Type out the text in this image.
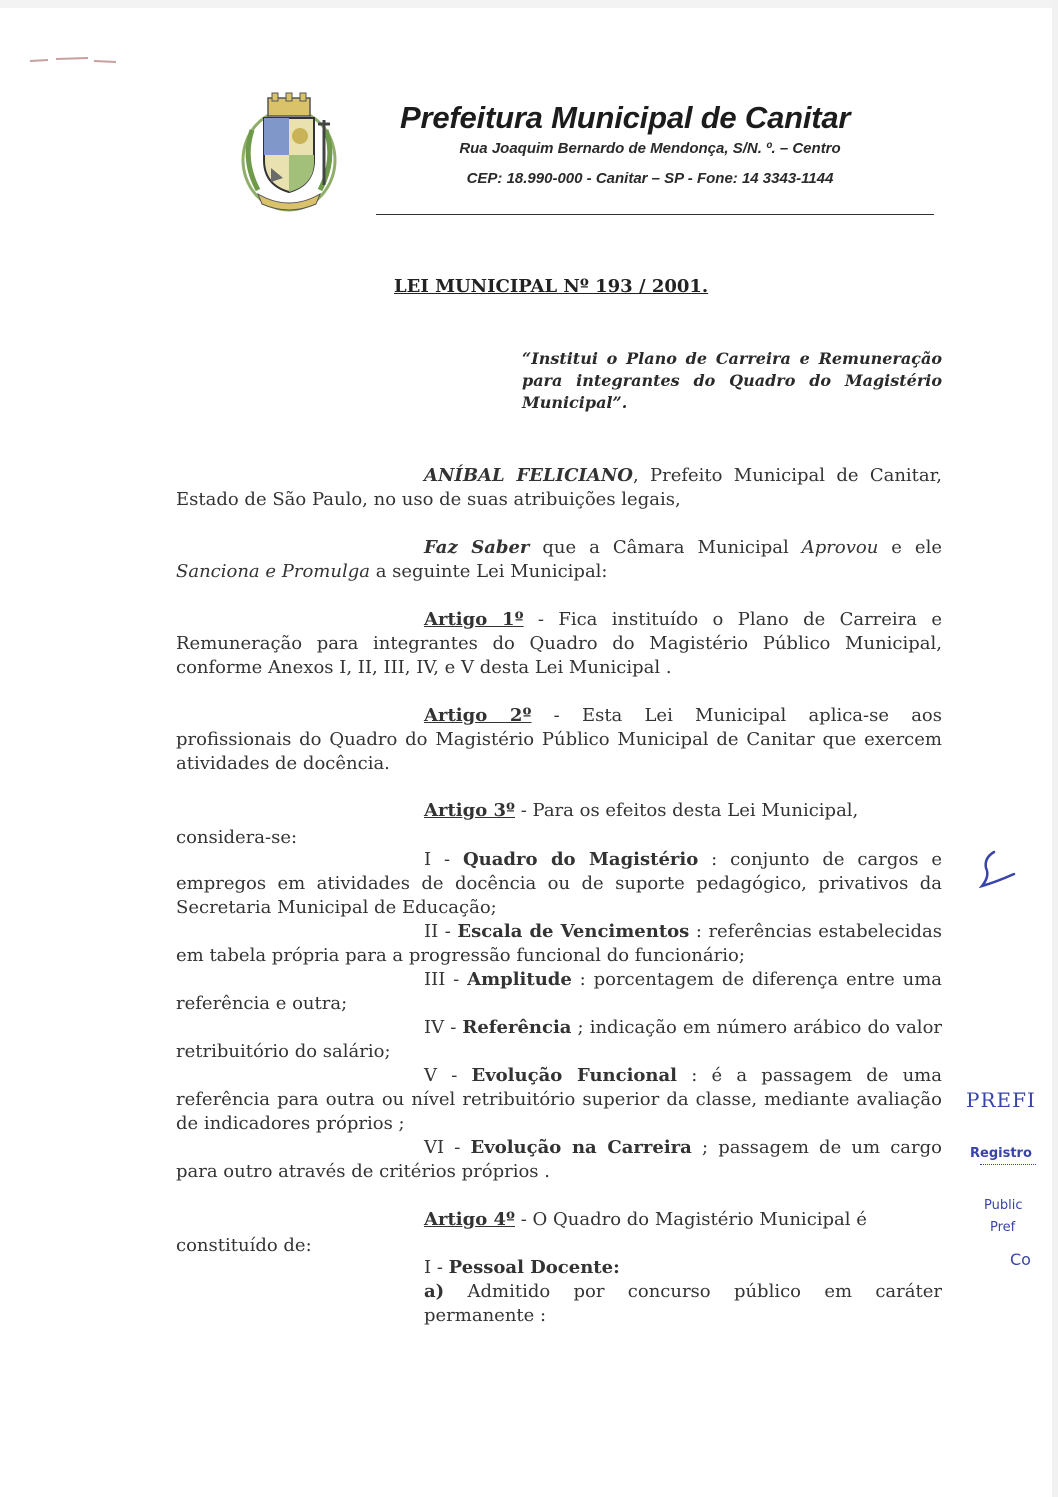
Prefeitura Municipal de Canitar
Rua Joaquim Bernardo de Mendonça, S/N. º. – Centro
CEP: 18.990-000 - Canitar – SP - Fone: 14 3343-1144
LEI MUNICIPAL Nº 193 / 2001.
“Institui o Plano de Carreira e Remuneração para integrantes do Quadro do Magistério Municipal”.
ANÍBAL FELICIANO, Prefeito Municipal de Canitar, Estado de São Paulo, no uso de suas atribuições legais,
Faz Saber que a Câmara Municipal Aprovou e ele Sanciona e Promulga a seguinte Lei Municipal:
Artigo 1º - Fica instituído o Plano de Carreira e Remuneração para integrantes do Quadro do Magistério Público Municipal, conforme Anexos I, II, III, IV, e V desta Lei Municipal .
Artigo 2º - Esta Lei Municipal aplica-se aos profissionais do Quadro do Magistério Público Municipal de Canitar que exercem atividades de docência.
Artigo 3º - Para os efeitos desta Lei Municipal,
considera-se:
I - Quadro do Magistério : conjunto de cargos e empregos em atividades de docência ou de suporte pedagógico, privativos da Secretaria Municipal de Educação;
II - Escala de Vencimentos : referências estabelecidas em tabela própria para a progressão funcional do funcionário;
III - Amplitude : porcentagem de diferença entre uma referência e outra;
IV - Referência ; indicação em número arábico do valor retribuitório do salário;
V - Evolução Funcional : é a passagem de uma referência para outra ou nível retribuitório superior da classe, mediante avaliação de indicadores próprios ;
VI - Evolução na Carreira ; passagem de um cargo para outro através de critérios próprios .
Artigo 4º - O Quadro do Magistério Municipal é
constituído de:
I - Pessoal Docente:
a) Admitido por concurso público em caráter permanente :
PREFI
Registro
Public
Pref
Co
